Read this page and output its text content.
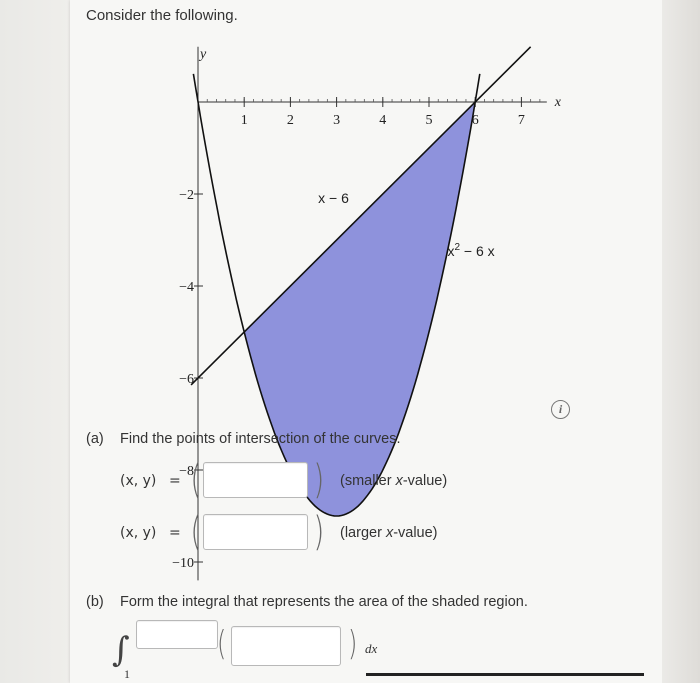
Consider the following.
1	2	3	4	5	6	7
−2
−4
−6
−8
−10
x
y
x − 6
$x^2 - 6$ x
i
(a) Find the points of intersection of the curves.
(x, y) = (	) (smaller x-value)
(x, y) = (	) (larger x-value)
(b) Form the integral that represents the area of the shaded region.
∫
1
(	) dx
